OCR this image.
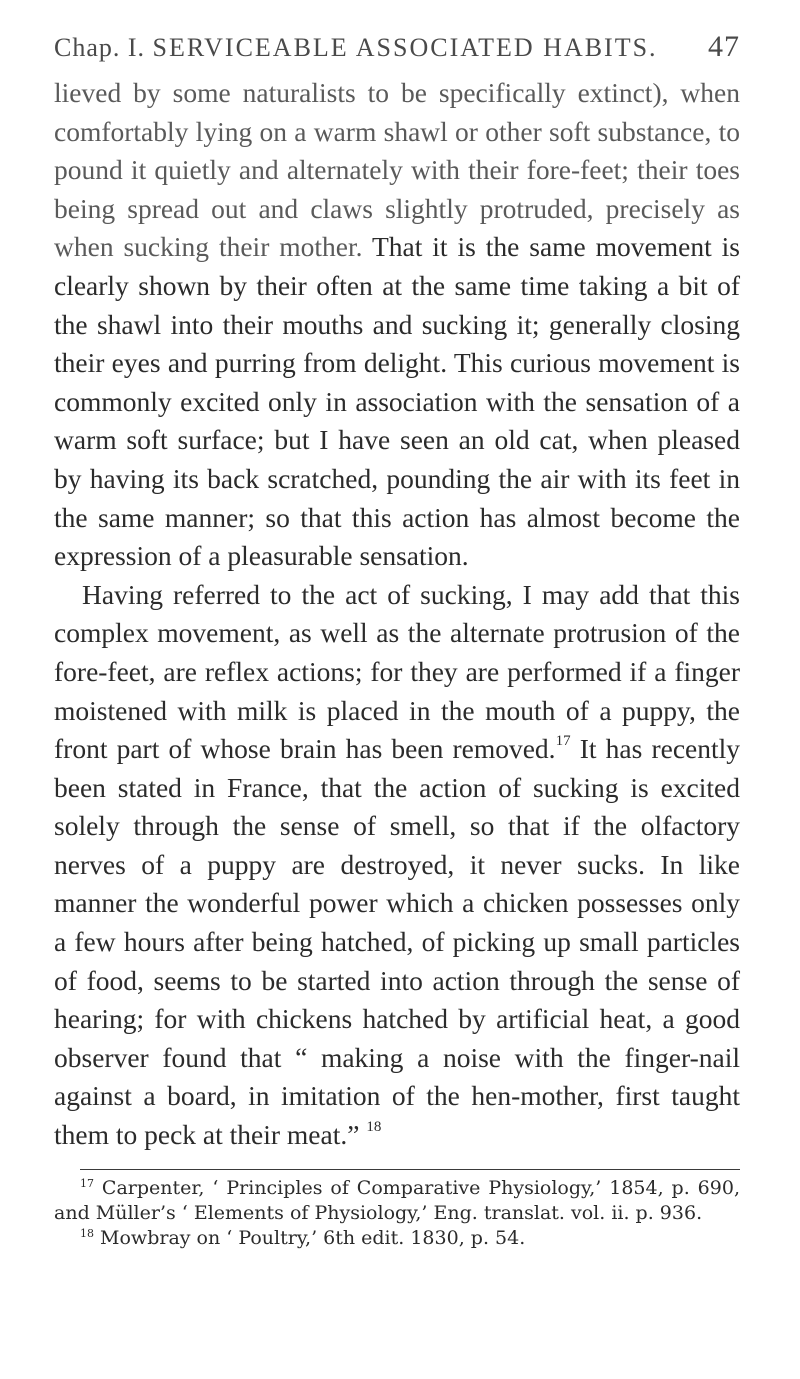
Chap. I. SERVICEABLE ASSOCIATED HABITS. 47

lieved by some naturalists to be specifically extinct), when comfortably lying on a warm shawl or other soft substance, to pound it quietly and alternately with their fore-feet; their toes being spread out and claws slightly protruded, precisely as when sucking their mother. That it is the same movement is clearly shown by their often at the same time taking a bit of the shawl into their mouths and sucking it; generally closing their eyes and purring from delight. This curious movement is commonly excited only in association with the sensation of a warm soft surface; but I have seen an old cat, when pleased by having its back scratched, pounding the air with its feet in the same manner; so that this action has almost become the expression of a pleasurable sensation.

Having referred to the act of sucking, I may add that this complex movement, as well as the alternate protrusion of the fore-feet, are reflex actions; for they are performed if a finger moistened with milk is placed in the mouth of a puppy, the front part of whose brain has been removed.$^{17}$ It has recently been stated in France, that the action of sucking is excited solely through the sense of smell, so that if the olfactory nerves of a puppy are destroyed, it never sucks. In like manner the wonderful power which a chicken possesses only a few hours after being hatched, of picking up small particles of food, seems to be started into action through the sense of hearing; for with chickens hatched by artificial heat, a good observer found that “ making a noise with the finger-nail against a board, in imitation of the hen-mother, first taught them to peck at their meat.” $^{18}$

$^{17}$ Carpenter, ‘ Principles of Comparative Physiology,’ 1854, p. 690, and Müller’s ‘ Elements of Physiology,’ Eng. translat. vol. ii. p. 936.

$^{18}$ Mowbray on ‘ Poultry,’ 6th edit. 1830, p. 54.
